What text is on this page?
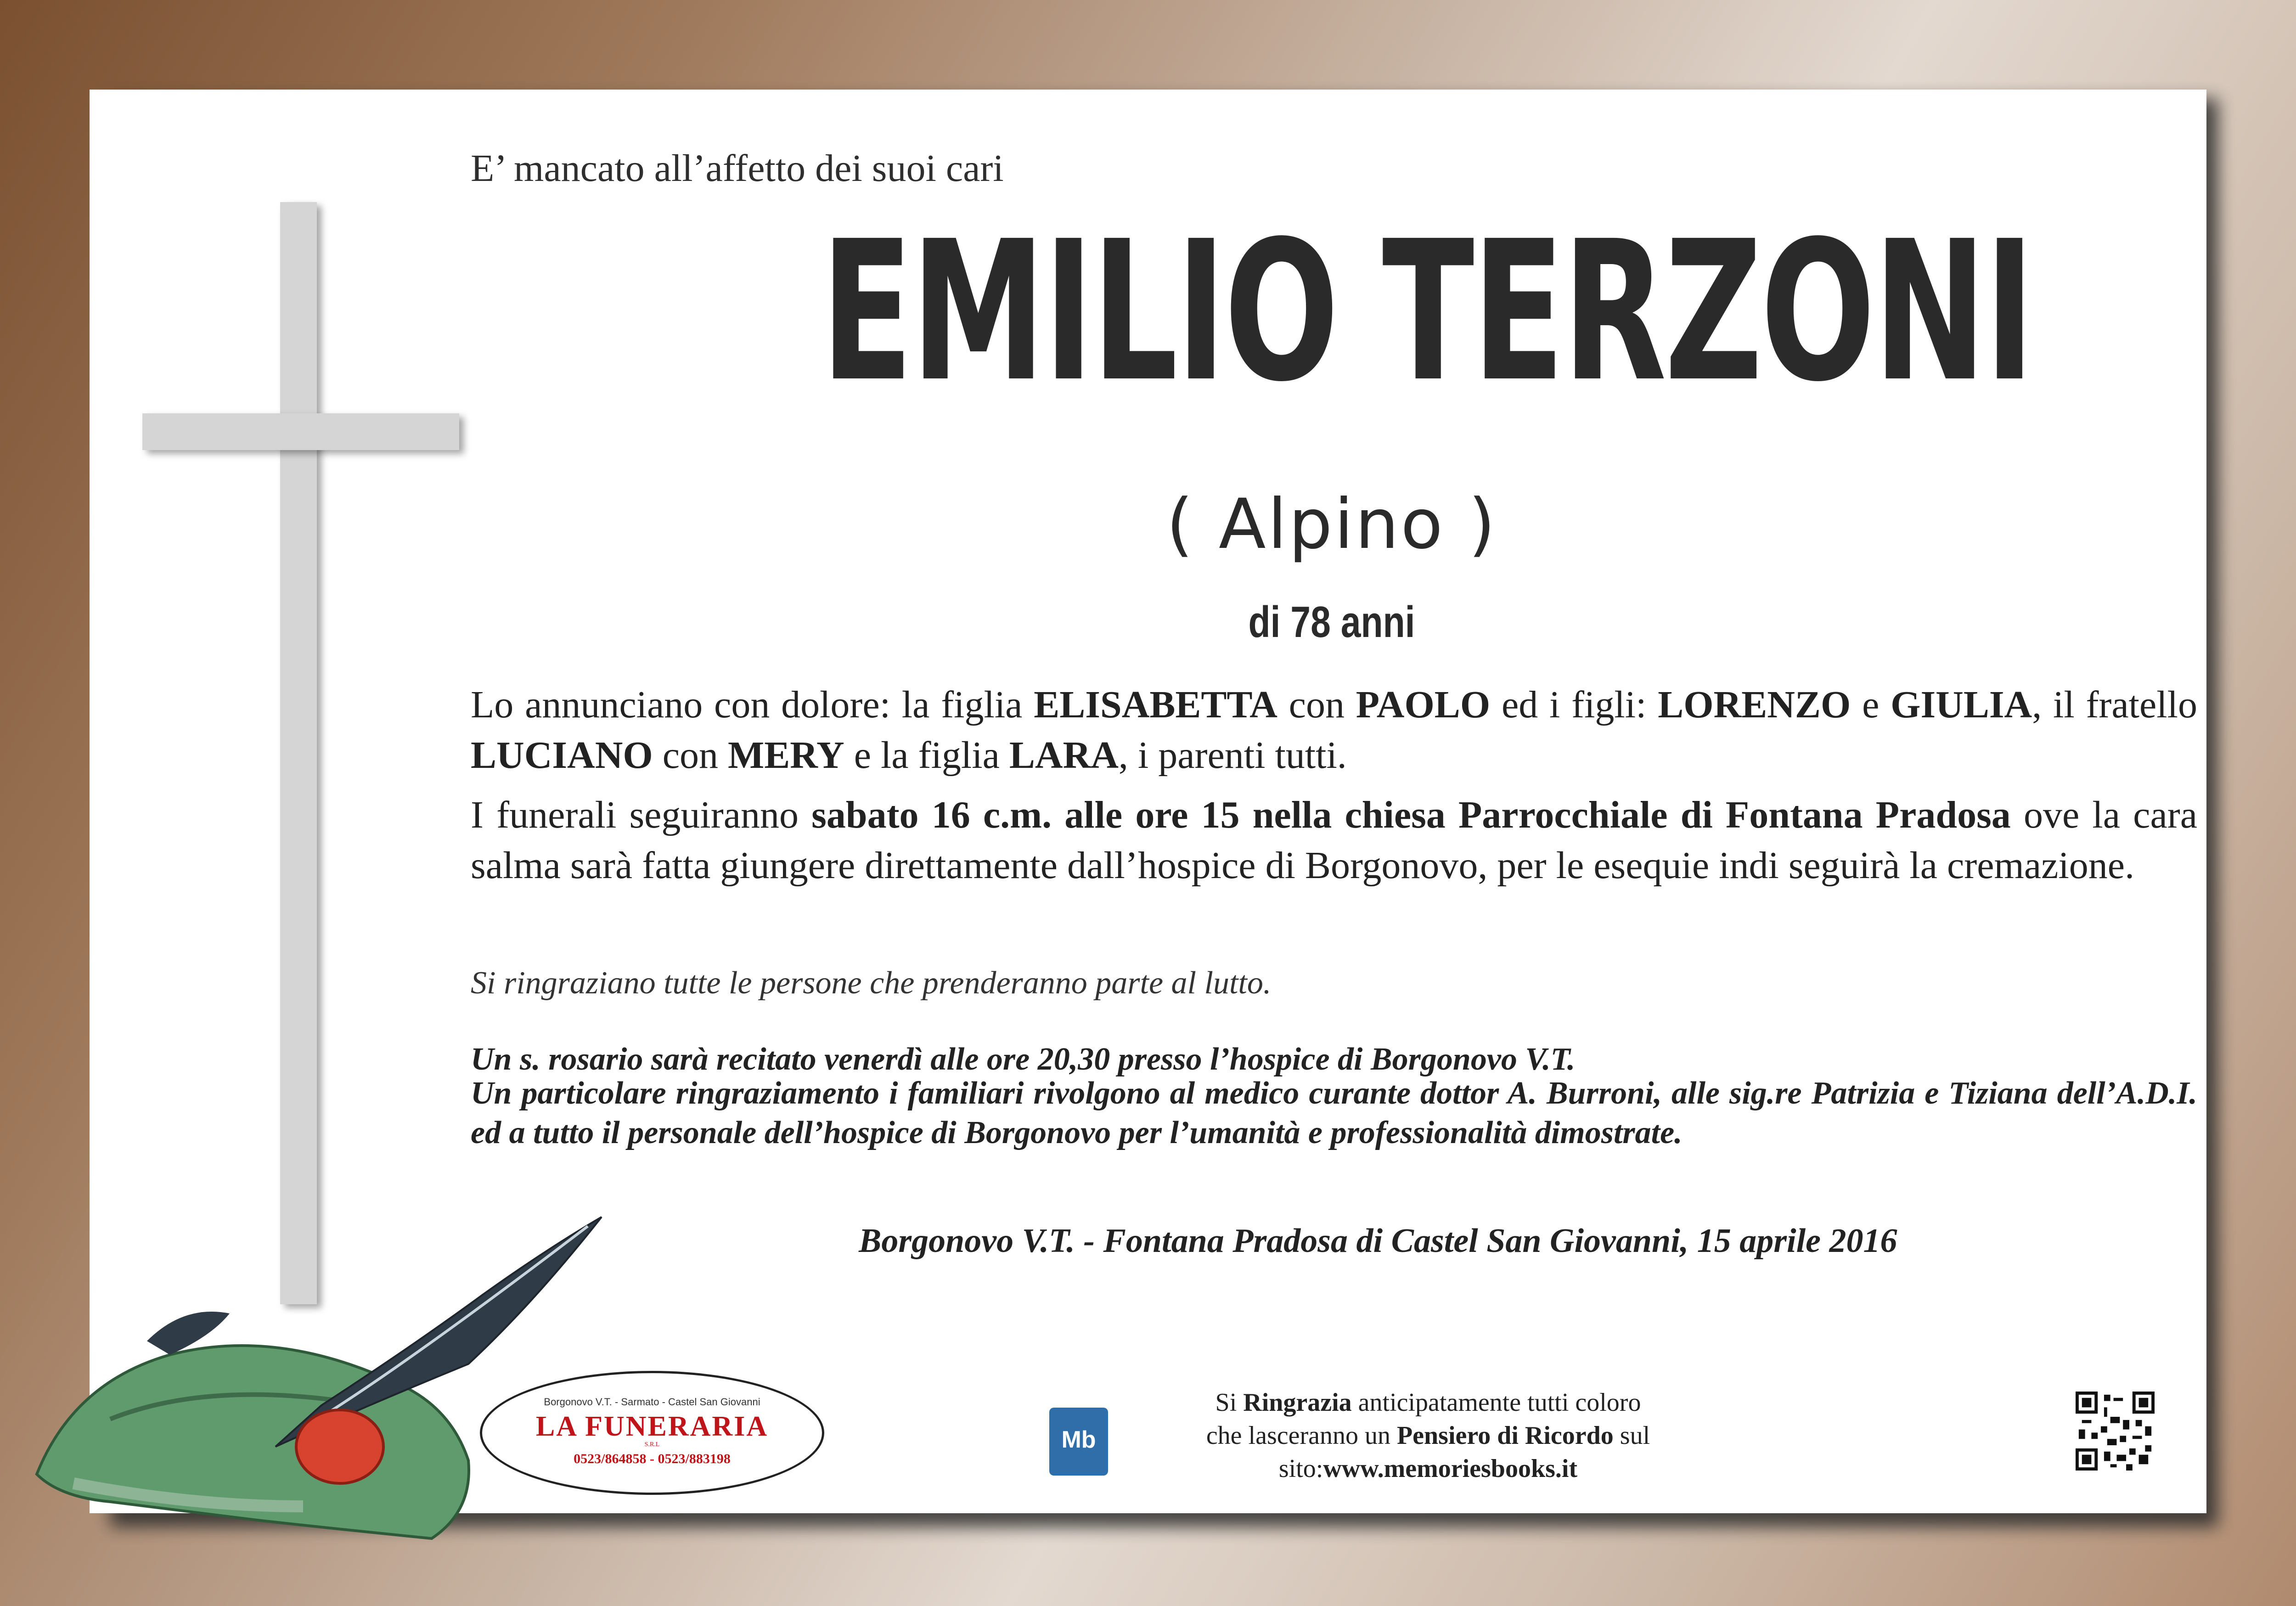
E’ mancato all’affetto dei suoi cari
EMILIO TERZONI
( Alpino )
di 78 anni
Lo annunciano con dolore: la figlia ELISABETTA con PAOLO ed i figli: LORENZO e GIULIA, il fratello LUCIANO con MERY e la figlia LARA, i parenti tutti.
I funerali seguiranno sabato 16 c.m. alle ore 15 nella chiesa Parrocchiale di Fontana Pradosa ove la cara salma sarà fatta giungere direttamente dall’hospice di Borgonovo, per le esequie indi seguirà la cremazione.
Si ringraziano tutte le persone che prenderanno parte al lutto.
Un s. rosario sarà recitato venerdì alle ore 20,30 presso l’hospice di Borgonovo V.T.
Un particolare ringraziamento i familiari rivolgono al medico curante dottor A. Burroni, alle sig.re Patrizia e Tiziana dell’A.D.I. ed a tutto il personale dell’hospice di Borgonovo per l’umanità e professionalità dimostrate.
Borgonovo V.T. - Fontana Pradosa di Castel San Giovanni, 15 aprile 2016
Borgonovo V.T. - Sarmato - Castel San Giovanni
LA FUNERARIA
S.R.L
0523/864858 - 0523/883198
Mb
Si Ringrazia anticipatamente tutti coloro
che lasceranno un Pensiero di Ricordo sul
sito:www.memoriesbooks.it
